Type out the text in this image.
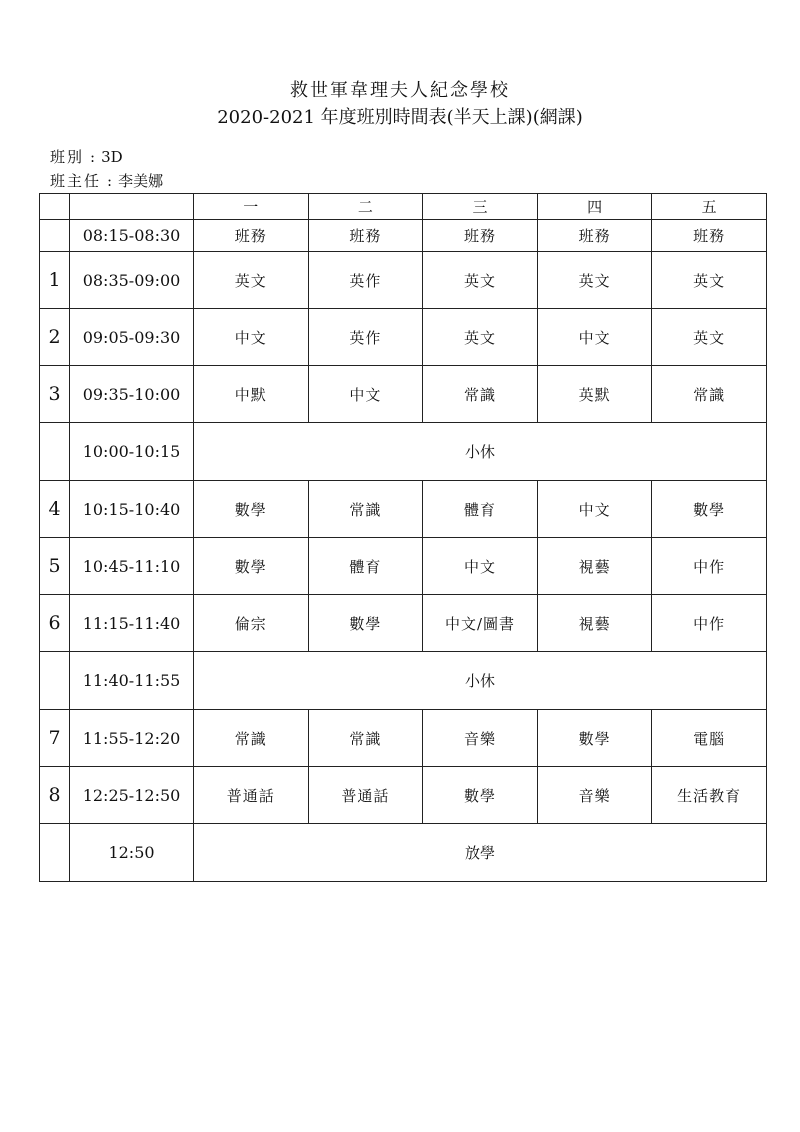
救世軍韋理夫人紀念學校
2020-2021 年度班別時間表(半天上課)(網課)
班別 : 3D
班主任 : 李美娜
		一	二	三	四	五
	08:15-08:30	班務	班務	班務	班務	班務
1	08:35-09:00	英文	英作	英文	英文	英文
2	09:05-09:30	中文	英作	英文	中文	英文
3	09:35-10:00	中默	中文	常識	英默	常識
	10:00-10:15	小休				
4	10:15-10:40	數學	常識	體育	中文	數學
5	10:45-11:10	數學	體育	中文	視藝	中作
6	11:15-11:40	倫宗	數學	中文/圖書	視藝	中作
	11:40-11:55	小休				
7	11:55-12:20	常識	常識	音樂	數學	電腦
8	12:25-12:50	普通話	普通話	數學	音樂	生活教育
	12:50	放學				
